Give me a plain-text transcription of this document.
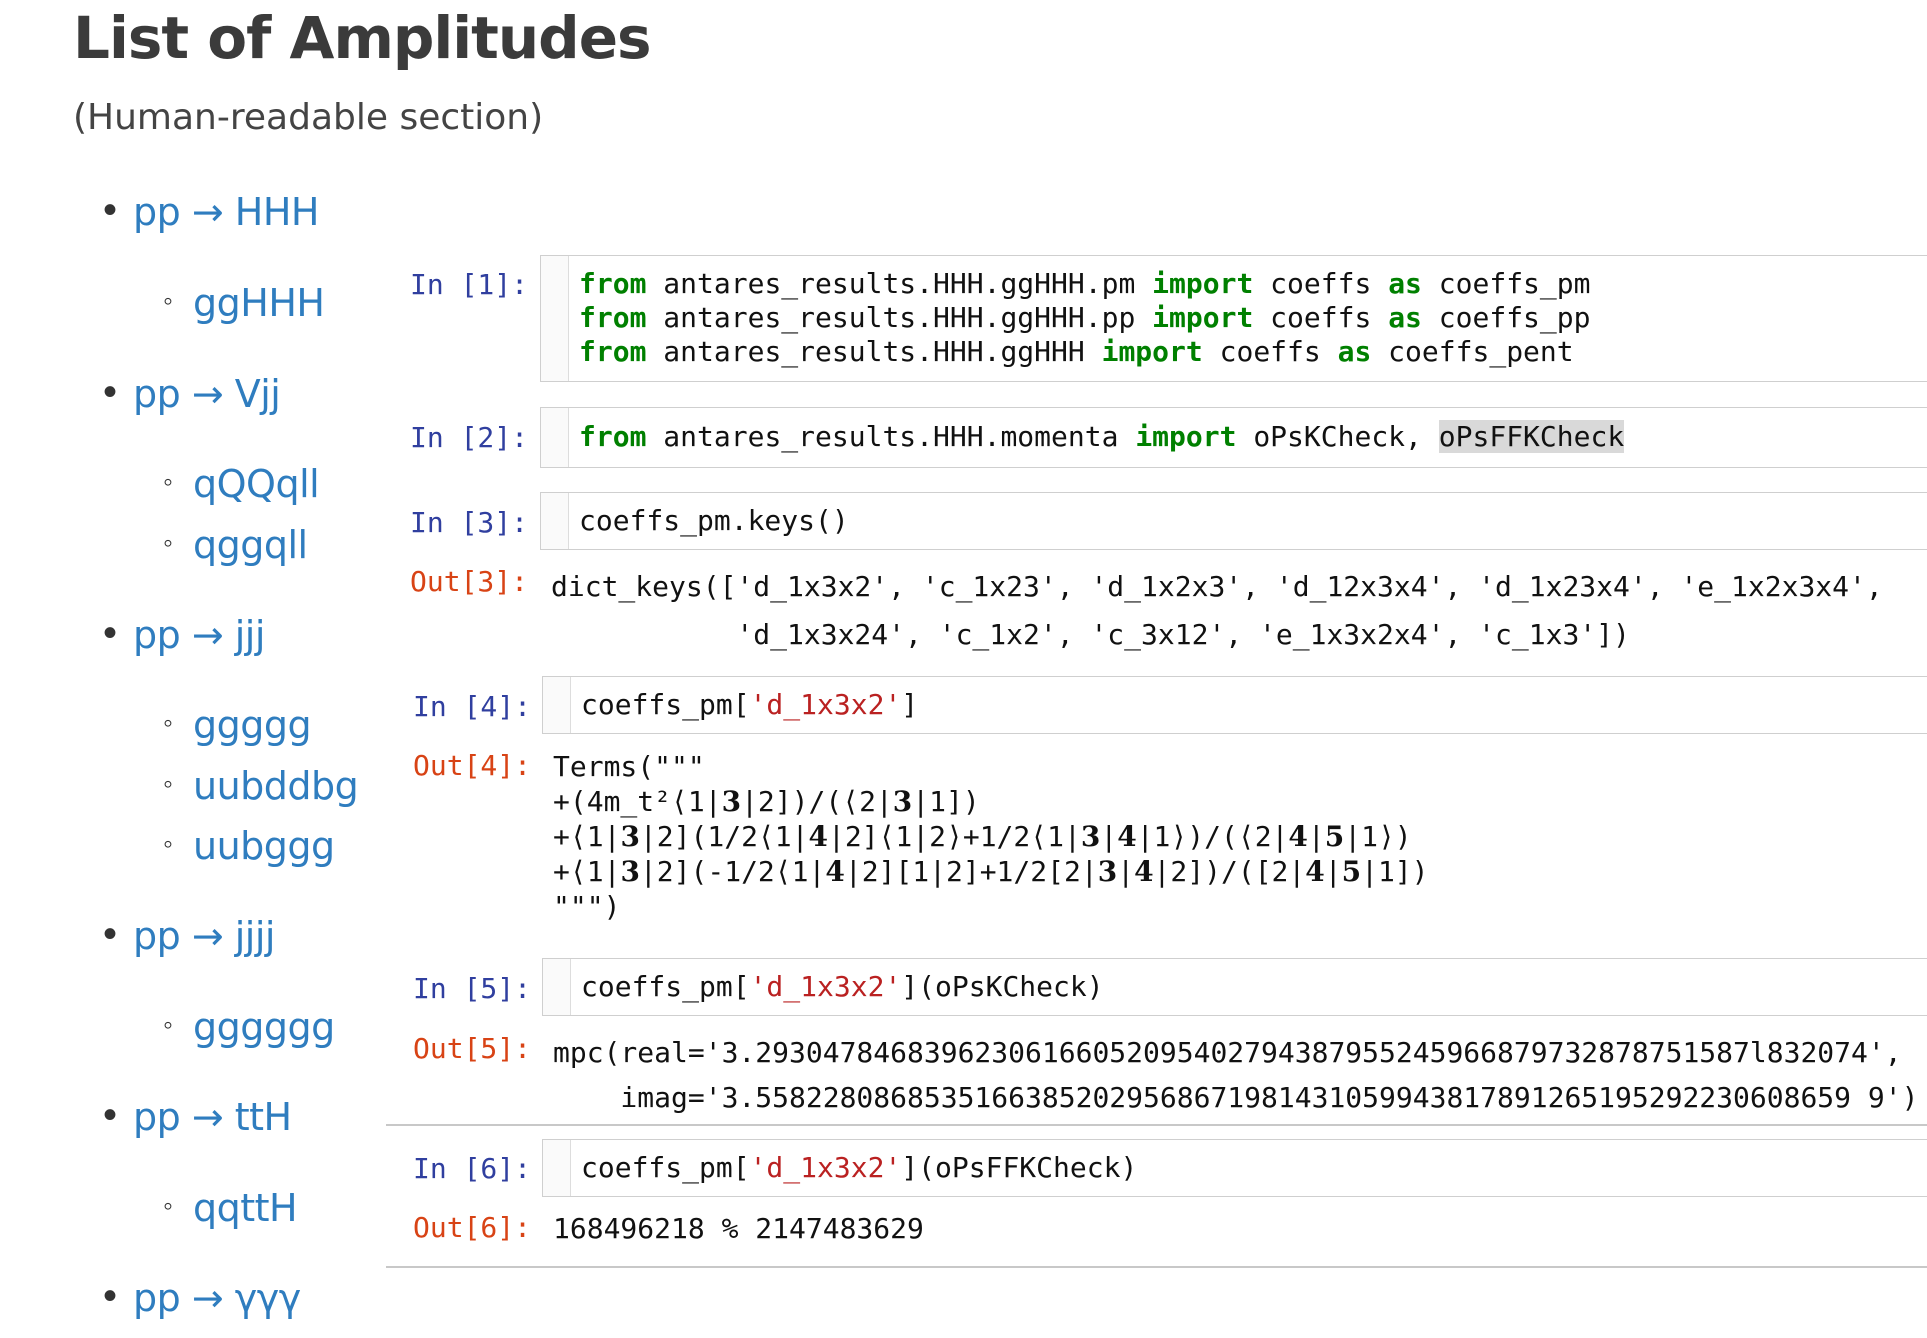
List of Amplitudes

(Human-readable section)

• pp → HHH
◦ ggHHH
• pp → Vjj
◦ qQQqll
◦ qggqll
• pp → jjj
◦ ggggg
◦ uubddbg
◦ uubggg
• pp → jjjj
◦ gggggg
• pp → ttH
◦ qqttH
• pp → γγγ
In [1]: from antares_results.HHH.ggHHH.pm import coeffs as coeffs_pm
from antares_results.HHH.ggHHH.pp import coeffs as coeffs_pp
from antares_results.HHH.ggHHH import coeffs as coeffs_pent
In [2]: from antares_results.HHH.momenta import oPsKCheck, oPsFFKCheck
In [3]: coeffs_pm.keys()
Out[3]: dict_keys(['d_1x3x2', 'c_1x23', 'd_1x2x3', 'd_12x3x4', 'd_1x23x4', 'e_1x2x3x4',
'd_1x3x24', 'c_1x2', 'c_3x12', 'e_1x3x2x4', 'c_1x3'])
In [4]: coeffs_pm['d_1x3x2']
Out[4]: Terms("""
+(4m_t²⟨1|3|2])/(⟨2|3|1])
+⟨1|3|2](1/2⟨1|4|2]⟨1|2⟩+1/2⟨1|3|4|1⟩)/(⟨2|4|5|1⟩)
+⟨1|3|2](-1/2⟨1|4|2][1|2]+1/2[2|3|4|2])/([2|4|5|1])
""")
In [5]: coeffs_pm['d_1x3x2'](oPsKCheck)
Out[5]: mpc(real='3.29304784683962306166052095402794387955245966879732878751587l832074',
imag='3.55822808685351663852029568671981431059943817891265195292230608659 9')
In [6]: coeffs_pm['d_1x3x2'](oPsFFKCheck)
Out[6]: 168496218 % 2147483629
